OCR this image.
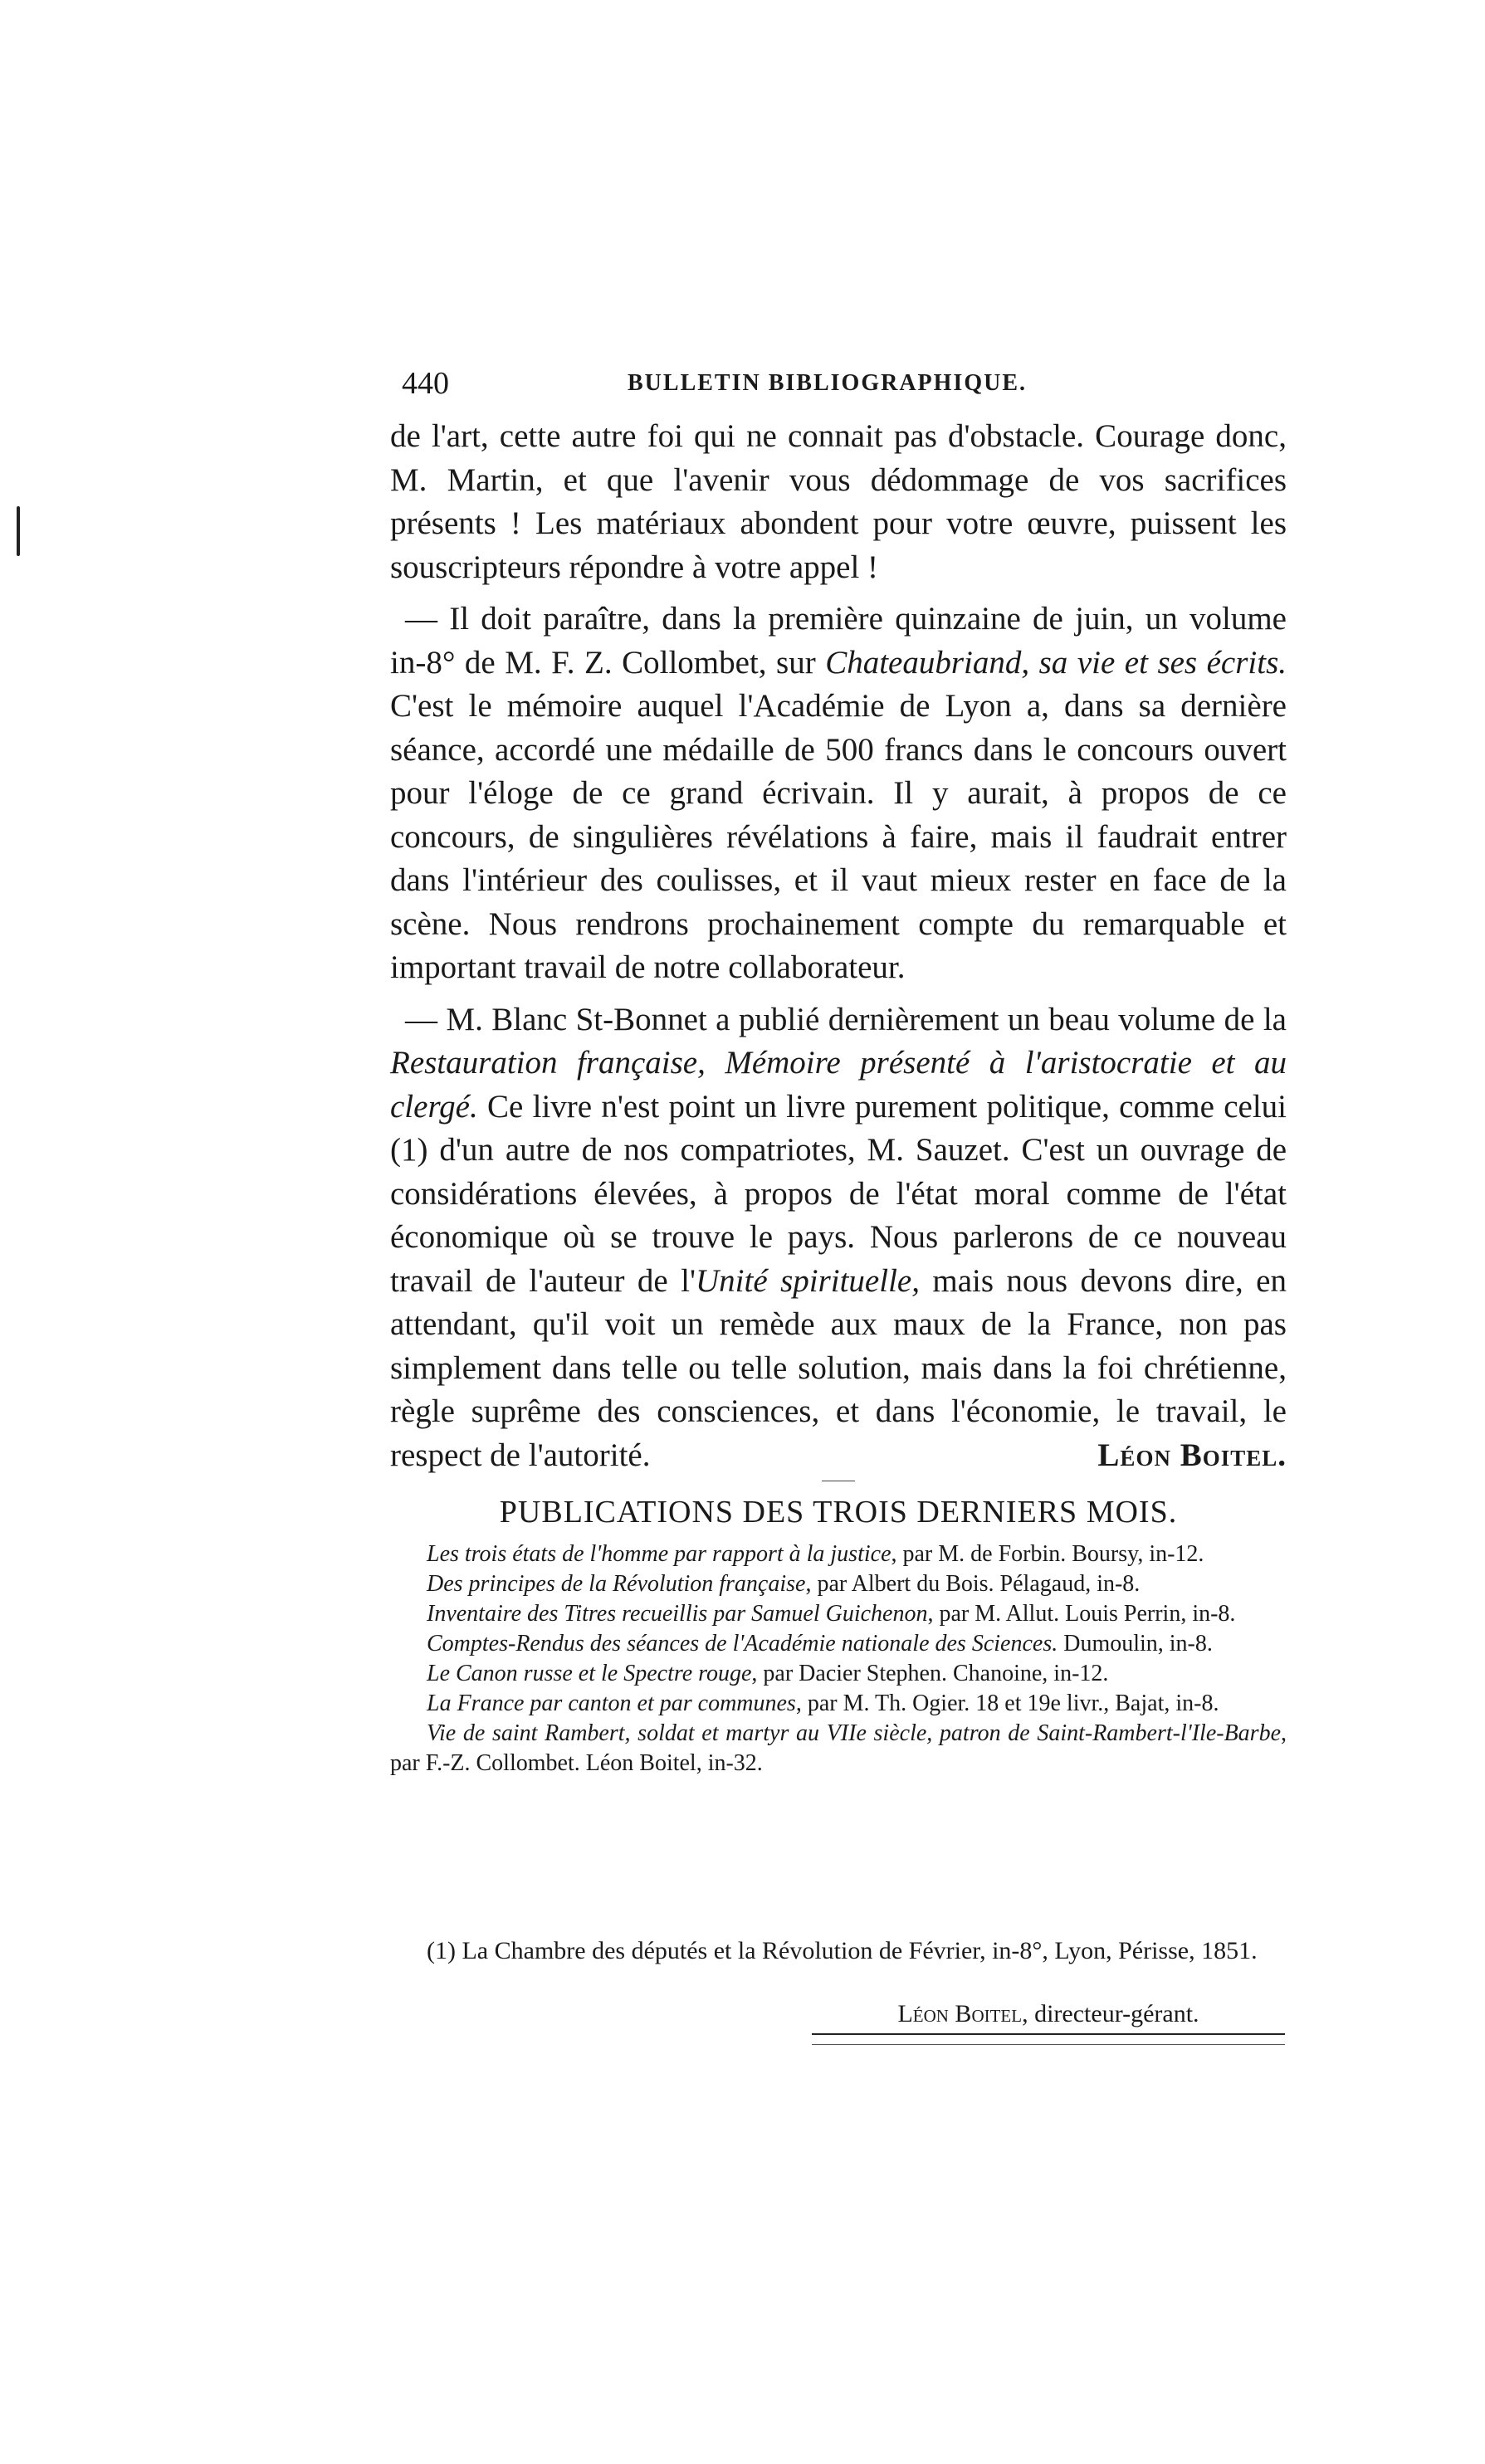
440	BULLETIN BIBLIOGRAPHIQUE.

de l'art, cette autre foi qui ne connait pas d'obstacle. Courage donc, M. Martin, et que l'avenir vous dédommage de vos sacrifices présents ! Les matériaux abondent pour votre œuvre, puissent les souscripteurs répondre à votre appel !

— Il doit paraître, dans la première quinzaine de juin, un volume in-8° de M. F. Z. Collombet, sur Chateaubriand, sa vie et ses écrits. C'est le mémoire auquel l'Académie de Lyon a, dans sa dernière séance, accordé une médaille de 500 francs dans le concours ouvert pour l'éloge de ce grand écrivain. Il y aurait, à propos de ce concours, de singulières révélations à faire, mais il faudrait entrer dans l'intérieur des coulisses, et il vaut mieux rester en face de la scène. Nous rendrons prochainement compte du remarquable et important travail de notre collaborateur.

— M. Blanc St-Bonnet a publié dernièrement un beau volume de la Restauration française, Mémoire présenté à l'aristocratie et au clergé. Ce livre n'est point un livre purement politique, comme celui (1) d'un autre de nos compatriotes, M. Sauzet. C'est un ouvrage de considérations élevées, à propos de l'état moral comme de l'état économique où se trouve le pays. Nous parlerons de ce nouveau travail de l'auteur de l'Unité spirituelle, mais nous devons dire, en attendant, qu'il voit un remède aux maux de la France, non pas simplement dans telle ou telle solution, mais dans la foi chrétienne, règle suprême des consciences, et dans l'économie, le travail, le respect de l'autorité.	Léon Boitel.

PUBLICATIONS DES TROIS DERNIERS MOIS.

Les trois états de l'homme par rapport à la justice, par M. de Forbin. Boursy, in-12.

Des principes de la Révolution française, par Albert du Bois. Pélagaud, in-8.

Inventaire des Titres recueillis par Samuel Guichenon, par M. Allut. Louis Perrin, in-8.

Comptes-Rendus des séances de l'Académie nationale des Sciences. Dumoulin, in-8.

Le Canon russe et le Spectre rouge, par Dacier Stephen. Chanoine, in-12.

La France par canton et par communes, par M. Th. Ogier. 18 et 19e livr., Bajat, in-8.

Vie de saint Rambert, soldat et martyr au VIIe siècle, patron de Saint-Rambert-l'Ile-Barbe, par F.-Z. Collombet. Léon Boitel, in-32.

(1) La Chambre des députés et la Révolution de Février, in-8°, Lyon, Périsse, 1851.

Léon Boitel, directeur-gérant.
